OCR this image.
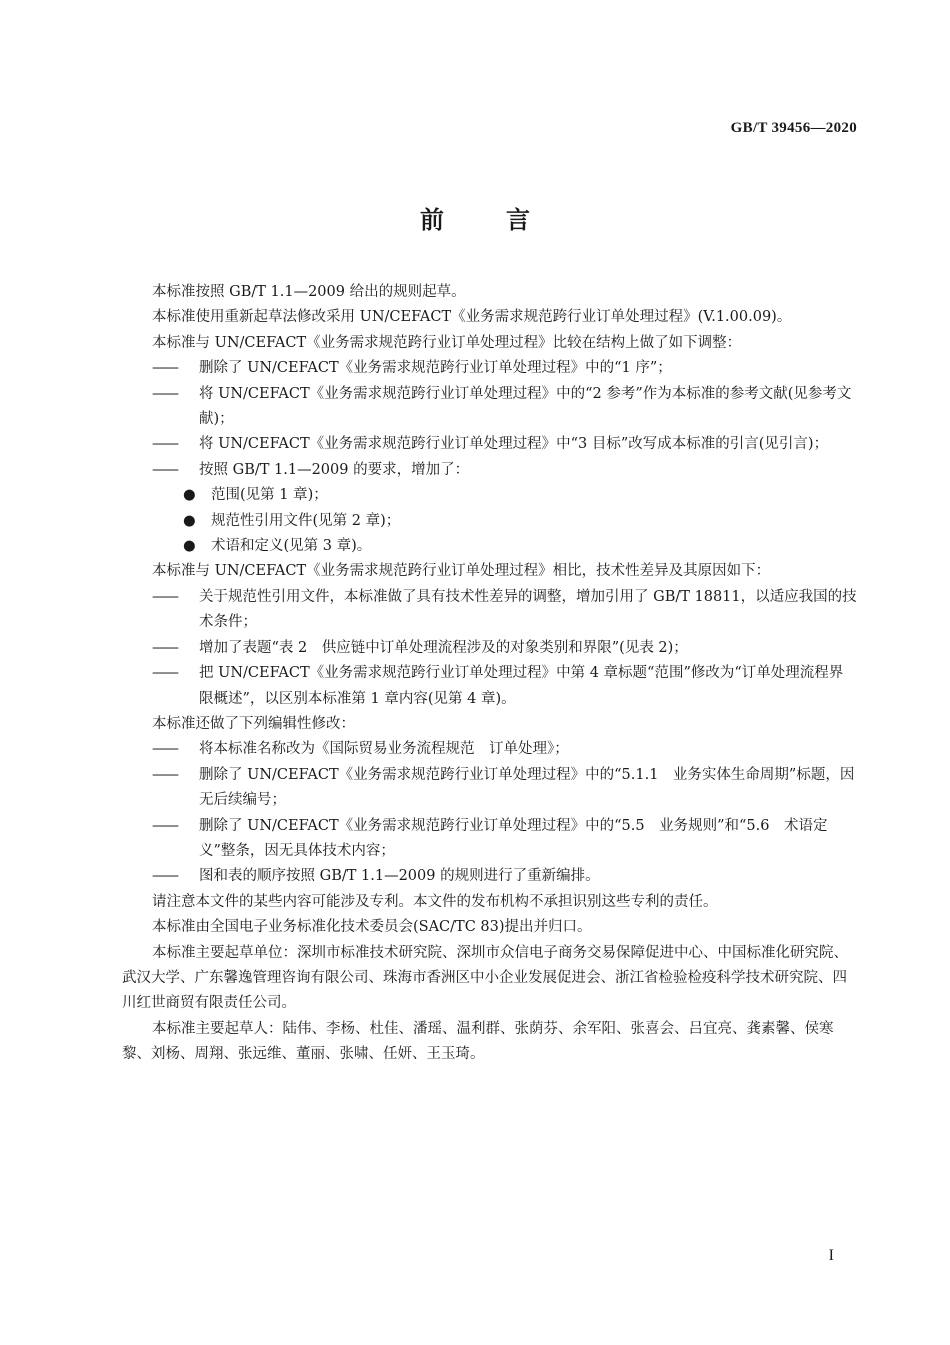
GB/T 39456—2020
前言

本标准按照 GB/T 1.1—2009 给出的规则起草。

本标准使用重新起草法修改采用 UN/CEFACT《业务需求规范跨行业订单处理过程》(V.1.00.09)。

本标准与 UN/CEFACT《业务需求规范跨行业订单处理过程》比较在结构上做了如下调整：

——	删除了 UN/CEFACT《业务需求规范跨行业订单处理过程》中的“1 序”；
——	将 UN/CEFACT《业务需求规范跨行业订单处理过程》中的“2 参考”作为本标准的参考文献(见参考文献)；
——	将 UN/CEFACT《业务需求规范跨行业订单处理过程》中“3 目标”改写成本标准的引言(见引言)；
——	按照 GB/T 1.1—2009 的要求，增加了：
●	范围(见第 1 章)；
●	规范性引用文件(见第 2 章)；
●	术语和定义(见第 3 章)。

本标准与 UN/CEFACT《业务需求规范跨行业订单处理过程》相比，技术性差异及其原因如下：

——	关于规范性引用文件，本标准做了具有技术性差异的调整，增加引用了 GB/T 18811，以适应我国的技术条件；
——	增加了表题“表 2　供应链中订单处理流程涉及的对象类别和界限”(见表 2)；
——	把 UN/CEFACT《业务需求规范跨行业订单处理过程》中第 4 章标题“范围”修改为“订单处理流程界限概述”，以区别本标准第 1 章内容(见第 4 章)。

本标准还做了下列编辑性修改：

——	将本标准名称改为《国际贸易业务流程规范　订单处理》；
——	删除了 UN/CEFACT《业务需求规范跨行业订单处理过程》中的“5.1.1　业务实体生命周期”标题，因无后续编号；
——	删除了 UN/CEFACT《业务需求规范跨行业订单处理过程》中的“5.5　业务规则”和“5.6　术语定义”整条，因无具体技术内容；
——	图和表的顺序按照 GB/T 1.1—2009 的规则进行了重新编排。

请注意本文件的某些内容可能涉及专利。本文件的发布机构不承担识别这些专利的责任。

本标准由全国电子业务标准化技术委员会(SAC/TC 83)提出并归口。

本标准主要起草单位：深圳市标准技术研究院、深圳市众信电子商务交易保障促进中心、中国标准化研究院、武汉大学、广东馨逸管理咨询有限公司、珠海市香洲区中小企业发展促进会、浙江省检验检疫科学技术研究院、四川红世商贸有限责任公司。

本标准主要起草人：陆伟、李杨、杜佳、潘瑶、温利群、张荫芬、余军阳、张喜会、吕宜亮、龚素馨、侯寒黎、刘杨、周翔、张远维、董丽、张啸、任妍、王玉琦。

I
